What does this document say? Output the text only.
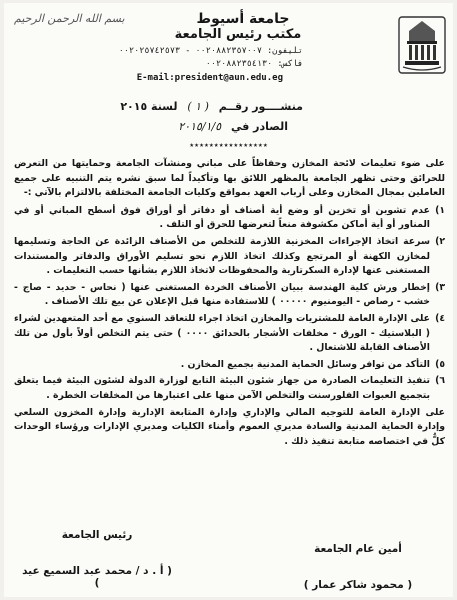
بسم الله الرحمن الرحيم	جامعة أسيوط
مكتب رئيس الجامعة
تليفون: ٠٠٢٠٨٨٢٣٥٧٠٠٧ - ٠٠٢٠٢٥٧٤٢٥٧٣
فاكس: ٠٠٢٠٨٨٢٣٥٤١٣٠
E-mail:president@aun.edu.eg
منشــــور رقــم ( ١ ) لسنة ٢٠١٥
الصادر في ٢٠١٥/١/٥
٭٭٭٭٭٭٭٭٭٭٭٭٭٭٭٭

على ضوء تعليمات لائحة المخازن وحفاظاً على مباني ومنشآت الجامعة وحمايتها من التعرض للحرائق وحتى تظهر الجامعة بالمظهر اللائق بها وتأكيداً لما سبق نشره يتم التنبيه على جميع العاملين بمجال المخازن وعلى أرباب العهد بمواقع وكليات الجامعة المختلفة بالالتزام بالآتي :-

١)
عدم تشوين أو تخزين أو وضع أية أصناف أو دفاتر أو أوراق فوق أسطح المباني أو في المناور أو أية أماكن مكشوفة منعاً لتعرضها للحرق أو التلف .
٢)
سرعة اتخاذ الإجراءات المخزنية اللازمة للتخلص من الأصناف الزائدة عن الحاجة وتسليمها لمخازن الكهنة أو المرتجع وكذلك اتخاذ اللازم نحو تسليم الأوراق والدفاتر والمستندات المستغنى عنها لإدارة السكرتارية والمحفوظات لاتخاذ اللازم بشأنها حسب التعليمات .
٣)
إخطار ورش كلية الهندسة ببيان الأصناف الخردة المستغنى عنها ( نحاس - حديد - صاج - خشب - رصاص - اليومنيوم ٠٠٠٠٠ ) للاستفادة منها قبل الإعلان عن بيع تلك الأصناف .
٤)
على الإدارة العامة للمشتريات والمخازن اتخاذ اجراء للتعاقد السنوي مع أحد المتعهدين لشراء ( البلاستيك - الورق - مخلفات الأشجار بالحدائق ٠٠٠٠ ) حتى يتم التخلص أولاً بأول من تلك الأصناف القابلة للاشتعال .
٥)
التأكد من توافر وسائل الحماية المدنية بجميع المخازن .
٦)
تنفيذ التعليمات الصادرة من جهاز شئون البيئة التابع لوزارة الدولة لشئون البيئة فيما يتعلق بتجميع العبوات الفلورسنت والتخلص الآمن منها على اعتبارها من المخلفات الخطرة .

على الإدارة العامة للتوجيه المالي والإداري وإدارة المتابعة الإدارية وإدارة المخزون السلعي وإدارة الحماية المدنية والسادة مديري العموم وأمناء الكليات ومديري الإدارات ورؤساء الوحدات كلٌّ في اختصاصه متابعة تنفيذ ذلك .

رئيس الجامعة
( أ . د / محمد عبد السميع عيد )
أمين عام الجامعة
( محمود شاكر عمار )
